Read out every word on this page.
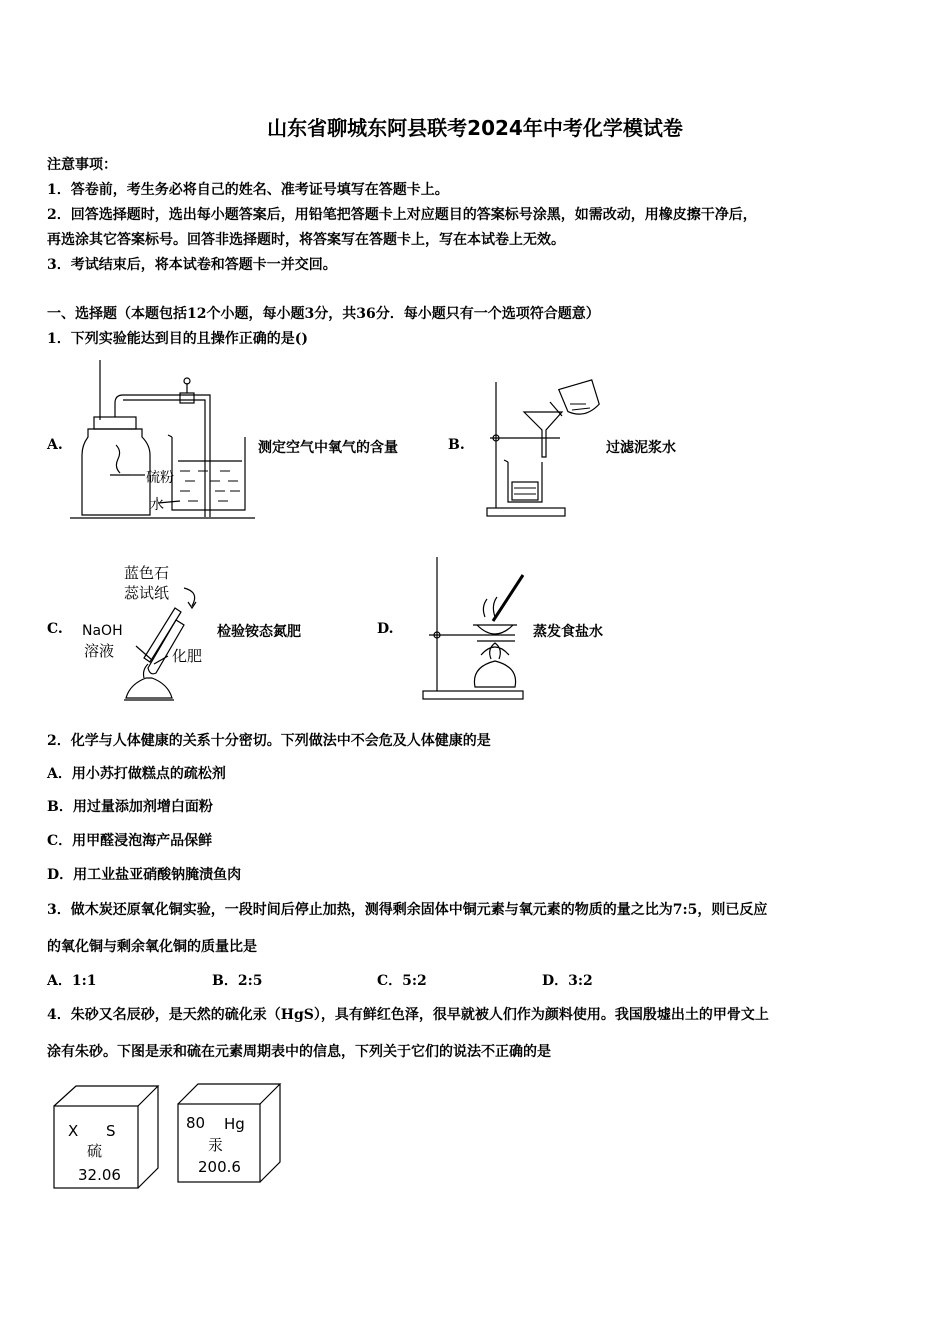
山东省聊城东阿县联考2024年中考化学模试卷
注意事项：
1．答卷前，考生务必将自己的姓名、准考证号填写在答题卡上。
2．回答选择题时，选出每小题答案后，用铅笔把答题卡上对应题目的答案标号涂黑，如需改动，用橡皮擦干净后，
再选涂其它答案标号。回答非选择题时，将答案写在答题卡上，写在本试卷上无效。
3．考试结束后，将本试卷和答题卡一并交回。
一、选择题（本题包括12个小题，每小题3分，共36分．每小题只有一个选项符合题意）
1．下列实验能达到目的且操作正确的是()
A.
硫粉
水
测定空气中氧气的含量	B.	过滤泥浆水
C.
蓝色石
蕊试纸
NaOH
溶液	化肥
检验铵态氮肥	D.	蒸发食盐水
2．化学与人体健康的关系十分密切。下列做法中不会危及人体健康的是
A．用小苏打做糕点的疏松剂
B．用过量添加剂增白面粉
C．用甲醛浸泡海产品保鲜
D．用工业盐亚硝酸钠腌渍鱼肉
3．做木炭还原氧化铜实验，一段时间后停止加热，测得剩余固体中铜元素与氧元素的物质的量之比为7:5，则已反应
的氧化铜与剩余氧化铜的质量比是
A．1:1	B．2:5	C．5:2	D．3:2
4．朱砂又名辰砂，是天然的硫化汞（HgS），具有鲜红色泽，很早就被人们作为颜料使用。我国殷墟出土的甲骨文上
涂有朱砂。下图是汞和硫在元素周期表中的信息，下列关于它们的说法不正确的是
X S
硫
32.06
80 Hg
汞
200.6
